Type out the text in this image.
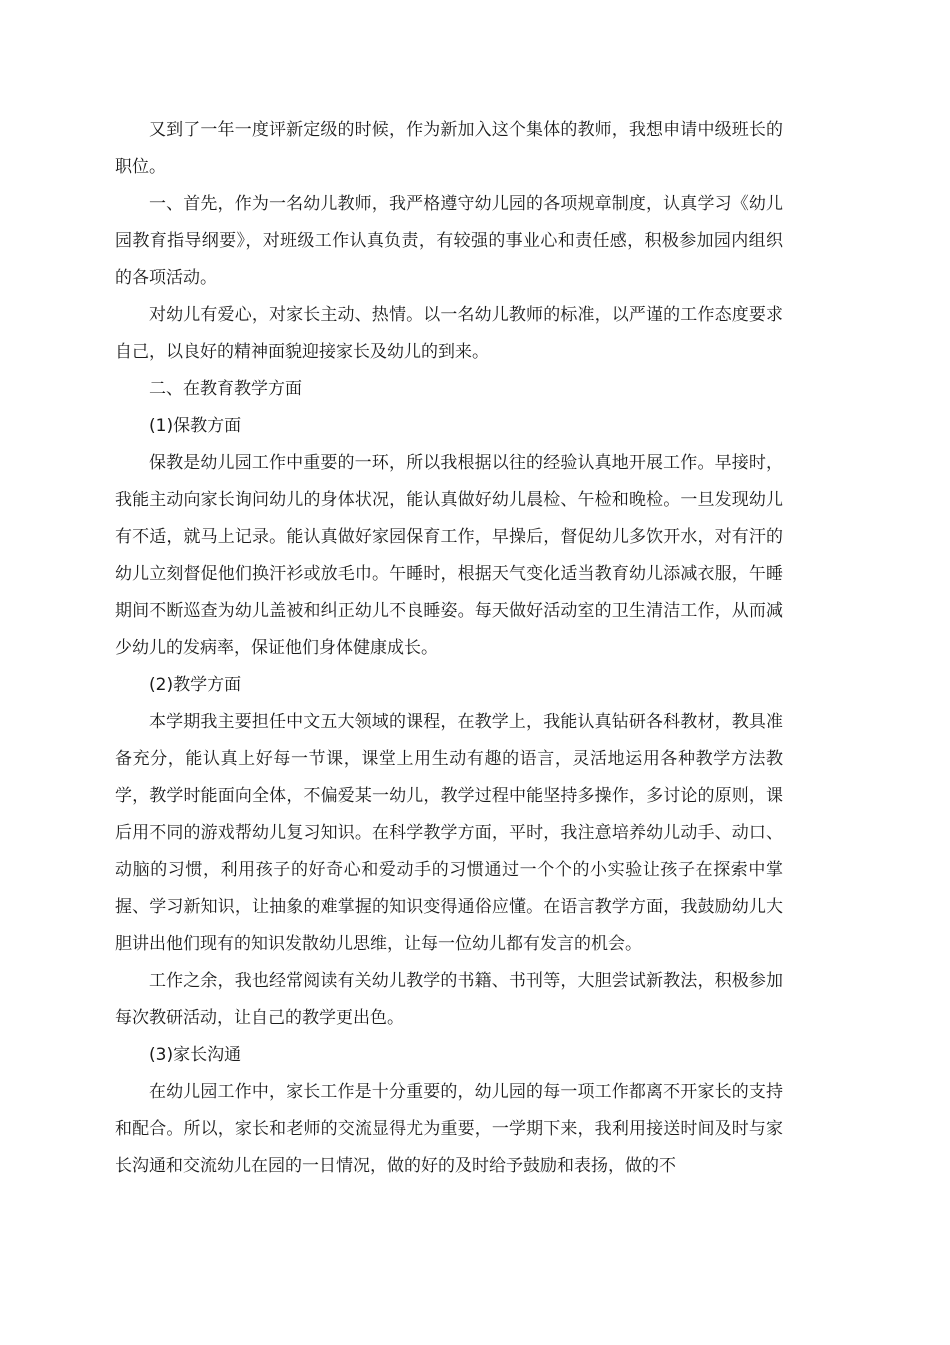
又到了一年一度评新定级的时候，作为新加入这个集体的教师，我想申请中级班长的职位。

一、首先，作为一名幼儿教师，我严格遵守幼儿园的各项规章制度，认真学习《幼儿园教育指导纲要》，对班级工作认真负责，有较强的事业心和责任感，积极参加园内组织的各项活动。

对幼儿有爱心，对家长主动、热情。以一名幼儿教师的标准，以严谨的工作态度要求自己，以良好的精神面貌迎接家长及幼儿的到来。

二、在教育教学方面

(1)保教方面

保教是幼儿园工作中重要的一环，所以我根据以往的经验认真地开展工作。早接时，我能主动向家长询问幼儿的身体状况，能认真做好幼儿晨检、午检和晚检。一旦发现幼儿有不适，就马上记录。能认真做好家园保育工作，早操后，督促幼儿多饮开水，对有汗的幼儿立刻督促他们换汗衫或放毛巾。午睡时，根据天气变化适当教育幼儿添减衣服，午睡期间不断巡查为幼儿盖被和纠正幼儿不良睡姿。每天做好活动室的卫生清洁工作，从而减少幼儿的发病率，保证他们身体健康成长。

(2)教学方面

本学期我主要担任中文五大领域的课程，在教学上，我能认真钻研各科教材，教具准备充分，能认真上好每一节课，课堂上用生动有趣的语言，灵活地运用各种教学方法教学，教学时能面向全体，不偏爱某一幼儿，教学过程中能坚持多操作，多讨论的原则，课后用不同的游戏帮幼儿复习知识。在科学教学方面，平时，我注意培养幼儿动手、动口、动脑的习惯，利用孩子的好奇心和爱动手的习惯通过一个个的小实验让孩子在探索中掌握、学习新知识，让抽象的难掌握的知识变得通俗应懂。在语言教学方面，我鼓励幼儿大胆讲出他们现有的知识发散幼儿思维，让每一位幼儿都有发言的机会。

工作之余，我也经常阅读有关幼儿教学的书籍、书刊等，大胆尝试新教法，积极参加每次教研活动，让自己的教学更出色。

(3)家长沟通

在幼儿园工作中，家长工作是十分重要的，幼儿园的每一项工作都离不开家长的支持和配合。所以，家长和老师的交流显得尤为重要，一学期下来，我利用接送时间及时与家长沟通和交流幼儿在园的一日情况，做的好的及时给予鼓励和表扬，做的不
